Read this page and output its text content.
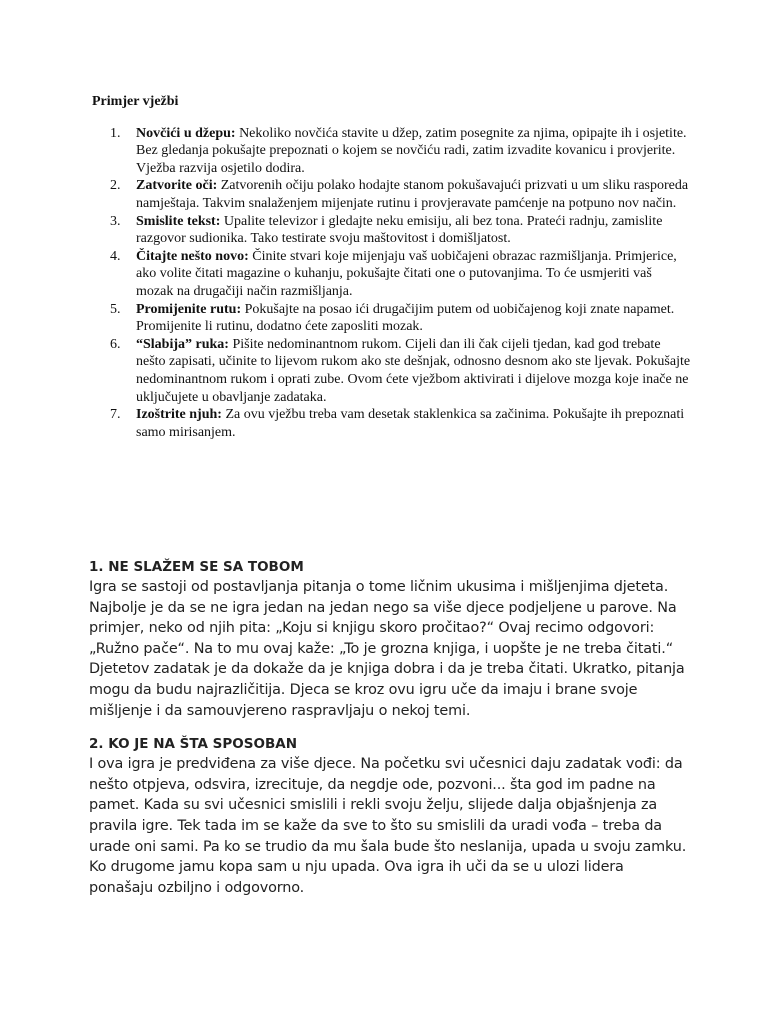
Primjer vježbi

1. Novčići u džepu: Nekoliko novčića stavite u džep, zatim posegnite za njima, opipajte ih i osjetite. Bez gledanja pokušajte prepoznati o kojem se novčiću radi, zatim izvadite kovanicu i provjerite. Vježba razvija osjetilo dodira.
2. Zatvorite oči: Zatvorenih očiju polako hodajte stanom pokušavajući prizvati u um sliku rasporeda namještaja. Takvim snalaženjem mijenjate rutinu i provjeravate pamćenje na potpuno nov način.
3. Smislite tekst: Upalite televizor i gledajte neku emisiju, ali bez tona. Prateći radnju, zamislite razgovor sudionika. Tako testirate svoju maštovitost i domišljatost.
4. Čitajte nešto novo: Činite stvari koje mijenjaju vaš uobičajeni obrazac razmišljanja. Primjerice, ako volite čitati magazine o kuhanju, pokušajte čitati one o putovanjima. To će usmjeriti vaš mozak na drugačiji način razmišljanja.
5. Promijenite rutu: Pokušajte na posao ići drugačijim putem od uobičajenog koji znate napamet. Promijenite li rutinu, dodatno ćete zaposliti mozak.
6. “Slabija” ruka: Pišite nedominantnom rukom. Cijeli dan ili čak cijeli tjedan, kad god trebate nešto zapisati, učinite to lijevom rukom ako ste dešnjak, odnosno desnom ako ste ljevak. Pokušajte nedominantnom rukom i oprati zube. Ovom ćete vježbom aktivirati i dijelove mozga koje inače ne uključujete u obavljanje zadataka.
7. Izoštrite njuh: Za ovu vježbu treba vam desetak staklenkica sa začinima. Pokušajte ih prepoznati samo mirisanjem.

1. NE SLAŽEM SE SA TOBOM

Igra se sastoji od postavljanja pitanja o tome ličnim ukusima i mišljenjima djeteta. Najbolje je da se ne igra jedan na jedan nego sa više djece podjeljene u parove. Na primjer, neko od njih pita: „Koju si knjigu skoro pročitao?“ Ovaj recimo odgovori: „Ružno pače“. Na to mu ovaj kaže: „To je grozna knjiga, i uopšte je ne treba čitati.“ Djetetov zadatak je da dokaže da je knjiga dobra i da je treba čitati. Ukratko, pitanja mogu da budu najrazličitija. Djeca se kroz ovu igru uče da imaju i brane svoje mišljenje i da samouvjereno raspravljaju o nekoj temi.

2. KO JE NA ŠTA SPOSOBAN

I ova igra je predviđena za više djece. Na početku svi učesnici daju zadatak vođi: da nešto otpjeva, odsvira, izrecituje, da negdje ode, pozvoni... šta god im padne na pamet. Kada su svi učesnici smislili i rekli svoju želju, slijede dalja objašnjenja za pravila igre. Tek tada im se kaže da sve to što su smislili da uradi vođa – treba da urade oni sami. Pa ko se trudio da mu šala bude što neslanija, upada u svoju zamku. Ko drugome jamu kopa sam u nju upada. Ova igra ih uči da se u ulozi lidera ponašaju ozbiljno i odgovorno.
